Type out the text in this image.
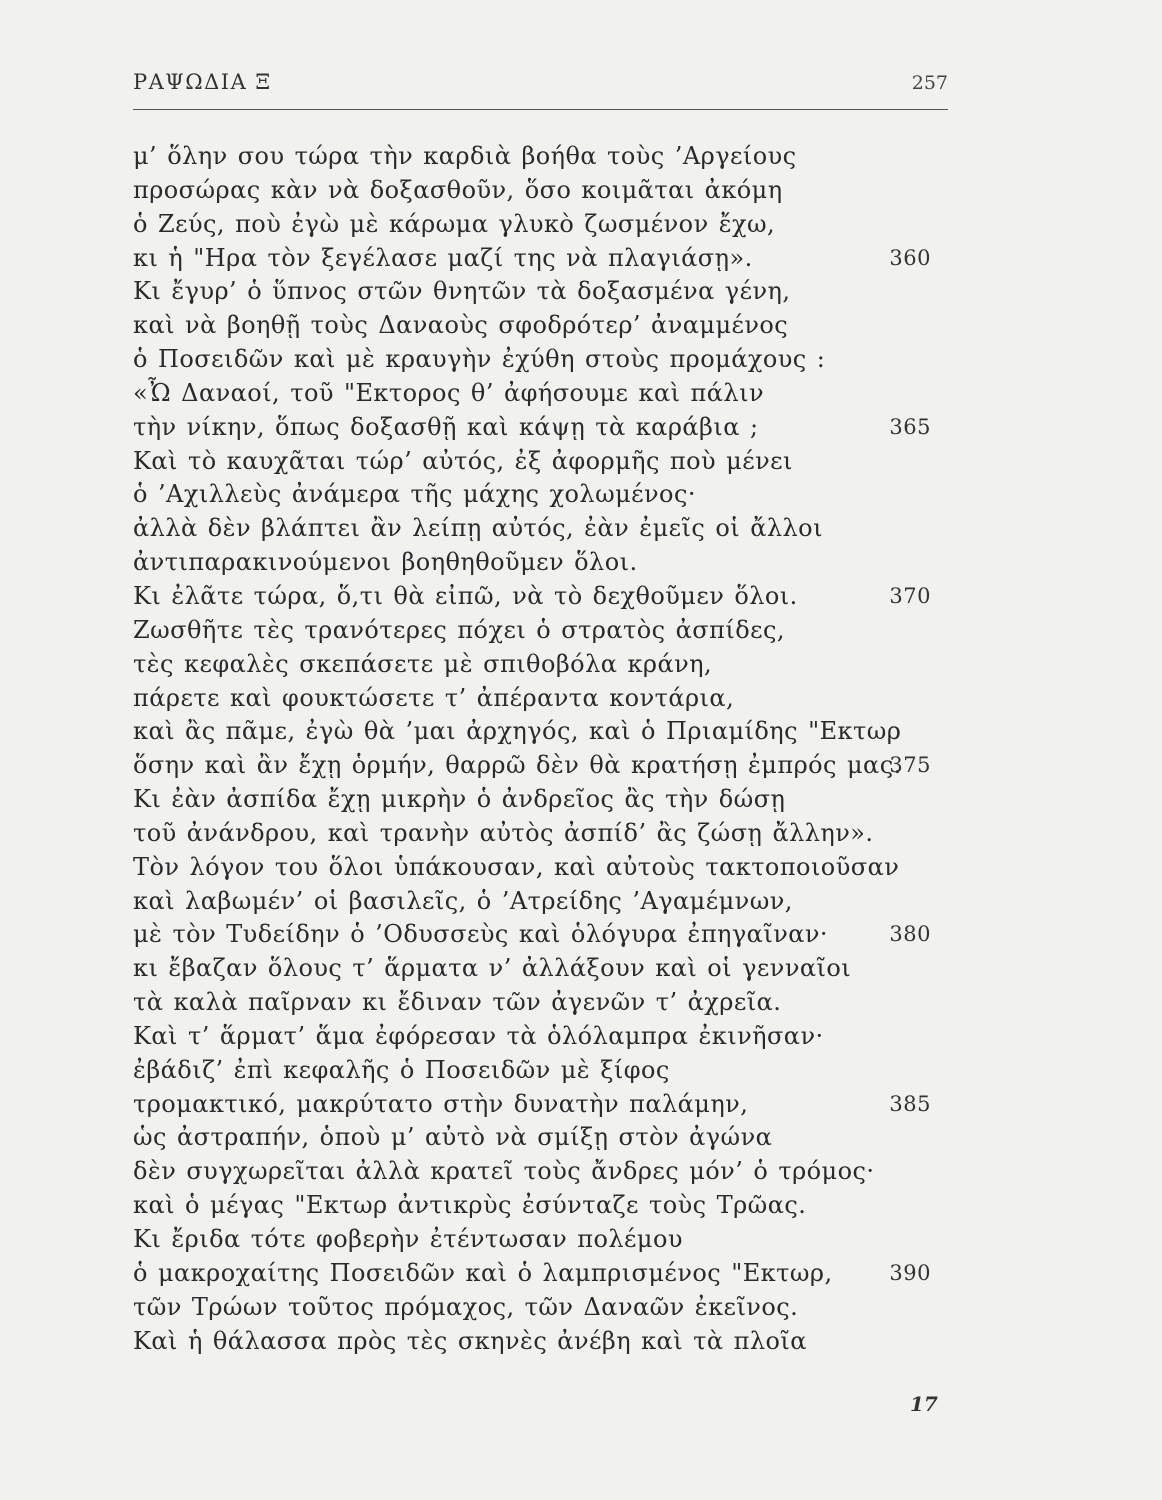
ΡΑΨΩΔΙΑ Ξ	257
μ’ ὅλην σου τώρα τὴν καρδιὰ βοήθα τοὺς ’Αργείους
προσώρας κὰν νὰ δοξασθοῦν, ὅσο κοιμᾶται ἀκόμη
ὁ Ζεύς, ποὺ ἐγὼ μὲ κάρωμα γλυκὸ ζωσμένον ἔχω,
κι ἡ "Ηρα τὸν ξεγέλασε μαζί της νὰ πλαγιάσῃ».	360
Κι ἔγυρ’ ὁ ὕπνος στῶν θνητῶν τὰ δοξασμένα γένη,
καὶ νὰ βοηθῇ τοὺς Δαναοὺς σφοδρότερ’ ἀναμμένος
ὁ Ποσειδῶν καὶ μὲ κραυγὴν ἐχύθη στοὺς προμάχους :
«Ὦ Δαναοί, τοῦ "Εκτορος θ’ ἀφήσουμε καὶ πάλιν
τὴν νίκην, ὅπως δοξασθῇ καὶ κάψῃ τὰ καράβια ;	365
Καὶ τὸ καυχᾶται τώρ’ αὐτός, ἐξ ἀφορμῆς ποὺ μένει
ὁ ’Αχιλλεὺς ἀνάμερα τῆς μάχης χολωμένος·
ἀλλὰ δὲν βλάπτει ἂν λείπῃ αὐτός, ἐὰν ἐμεῖς οἱ ἄλλοι
ἀντιπαρακινούμενοι βοηθηθοῦμεν ὅλοι.
Κι ἐλᾶτε τώρα, ὅ,τι θὰ εἰπῶ, νὰ τὸ δεχθοῦμεν ὅλοι.	370
Ζωσθῆτε τὲς τρανότερες πόχει ὁ στρατὸς ἀσπίδες,
τὲς κεφαλὲς σκεπάσετε μὲ σπιθοβόλα κράνη,
πάρετε καὶ φουκτώσετε τ’ ἀπέραντα κοντάρια,
καὶ ἂς πᾶμε, ἐγὼ θὰ ’μαι ἀρχηγός, καὶ ὁ Πριαμίδης "Εκτωρ
ὅσην καὶ ἂν ἔχῃ ὁρμήν, θαρρῶ δὲν θὰ κρατήσῃ ἐμπρός μας.
375
Κι ἐὰν ἀσπίδα ἔχῃ μικρὴν ὁ ἀνδρεῖος ἂς τὴν δώσῃ
τοῦ ἀνάνδρου, καὶ τρανὴν αὐτὸς ἀσπίδ’ ἂς ζώσῃ ἄλλην».
Τὸν λόγον του ὅλοι ὑπάκουσαν, καὶ αὐτοὺς τακτοποιοῦσαν
καὶ λαβωμέν’ οἱ βασιλεῖς, ὁ ’Ατρείδης ’Αγαμέμνων,
μὲ τὸν Τυδείδην ὁ ’Οδυσσεὺς καὶ ὁλόγυρα ἐπηγαῖναν·	380
κι ἔβαζαν ὅλους τ’ ἅρματα ν’ ἀλλάξουν καὶ οἱ γενναῖοι
τὰ καλὰ παῖρναν κι ἔδιναν τῶν ἀγενῶν τ’ ἀχρεῖα.
Καὶ τ’ ἅρματ’ ἅμα ἐφόρεσαν τὰ ὁλόλαμπρα ἐκινῆσαν·
ἐβάδιζ’ ἐπὶ κεφαλῆς ὁ Ποσειδῶν μὲ ξίφος
τρομακτικό, μακρύτατο στὴν δυνατὴν παλάμην,	385
ὡς ἀστραπήν, ὁποὺ μ’ αὐτὸ νὰ σμίξῃ στὸν ἀγώνα
δὲν συγχωρεῖται ἀλλὰ κρατεῖ τοὺς ἄνδρες μόν’ ὁ τρόμος·
καὶ ὁ μέγας "Εκτωρ ἀντικρὺς ἐσύνταζε τοὺς Τρῶας.
Κι ἔριδα τότε φοβερὴν ἐτέντωσαν πολέμου
ὁ μακροχαίτης Ποσειδῶν καὶ ὁ λαμπρισμένος "Εκτωρ,	390
τῶν Τρώων τοῦτος πρόμαχος, τῶν Δαναῶν ἐκεῖνος.
Καὶ ἡ θάλασσα πρὸς τὲς σκηνὲς ἀνέβη καὶ τὰ πλοῖα
17
